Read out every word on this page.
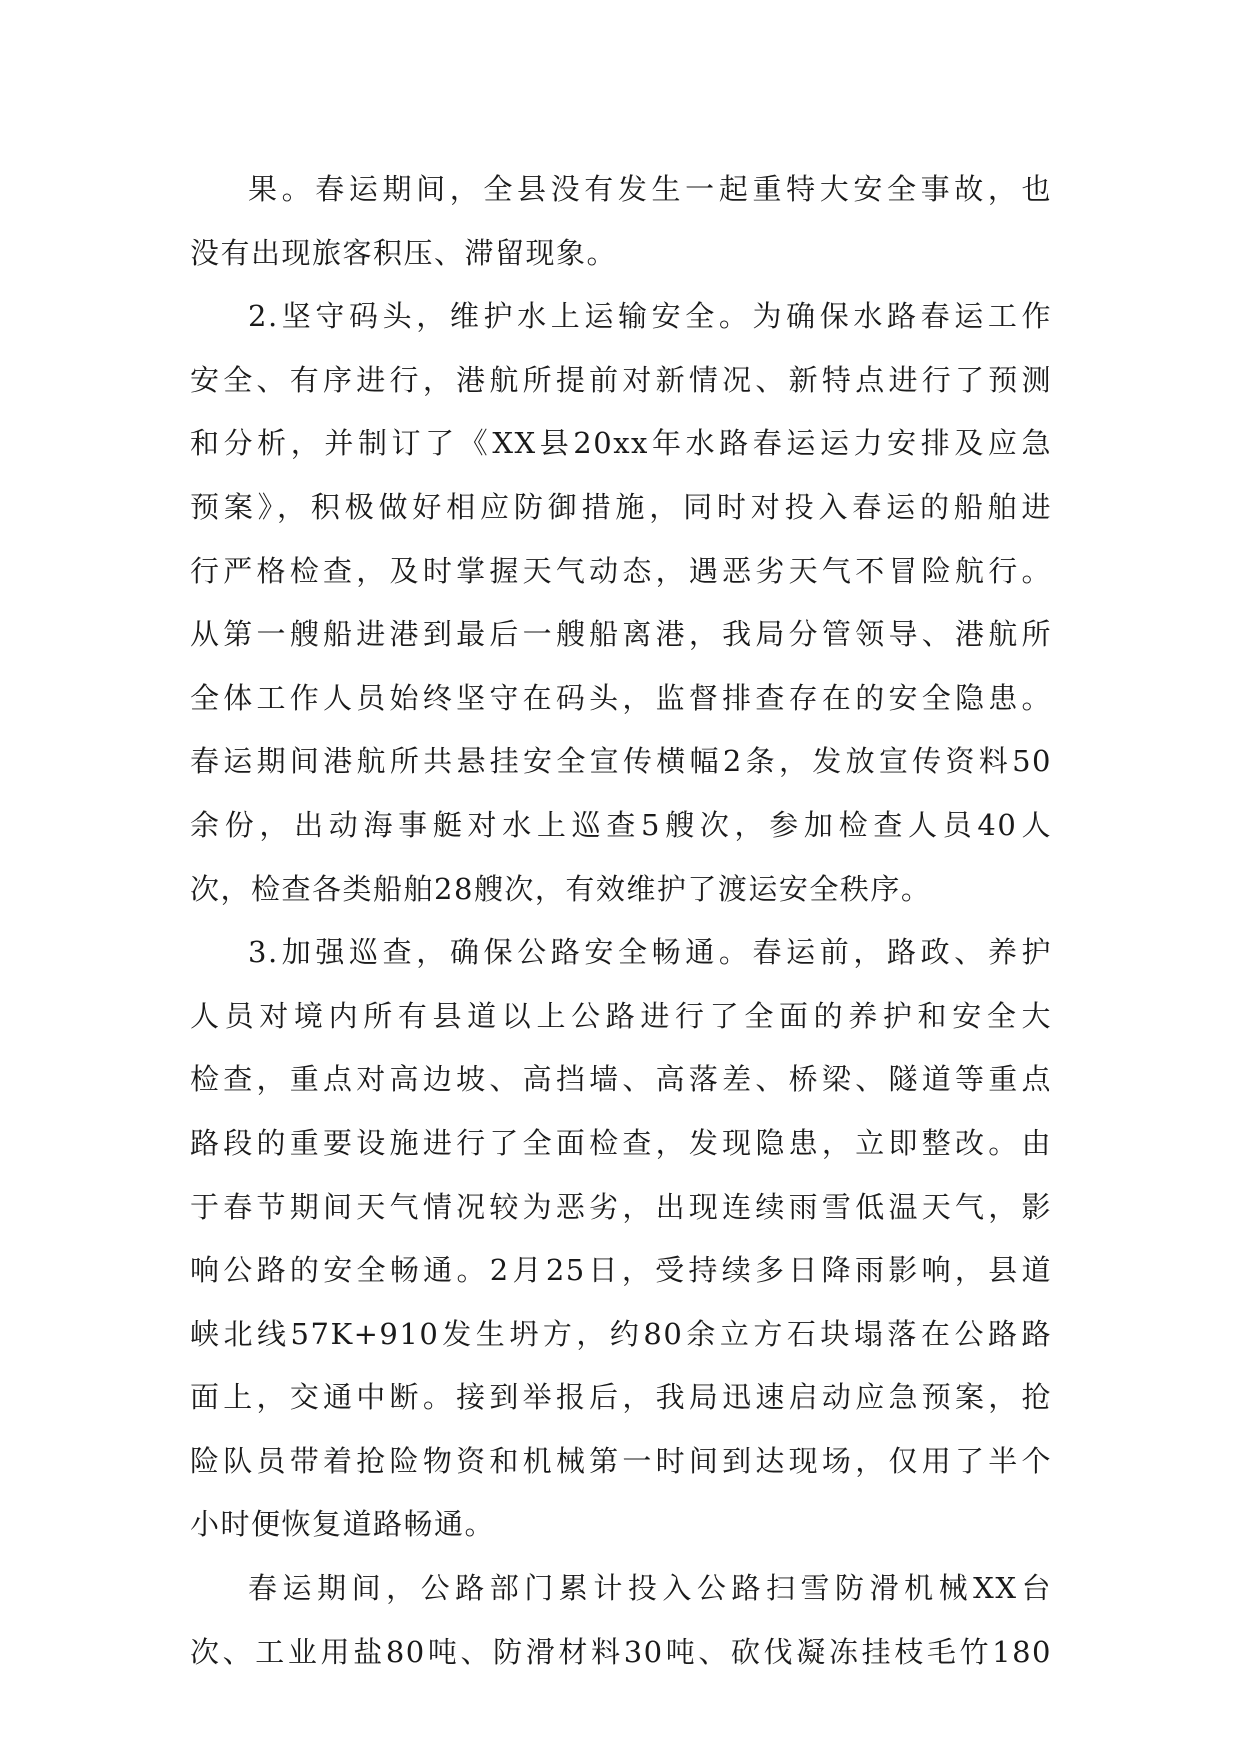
果。春运期间，全县没有发生一起重特大安全事故，也
没有出现旅客积压、滞留现象。
2.坚守码头，维护水上运输安全。为确保水路春运工作
安全、有序进行，港航所提前对新情况、新特点进行了预测
和分析，并制订了《XX县20xx年水路春运运力安排及应急
预案》，积极做好相应防御措施，同时对投入春运的船舶进
行严格检查，及时掌握天气动态，遇恶劣天气不冒险航行。
从第一艘船进港到最后一艘船离港，我局分管领导、港航所
全体工作人员始终坚守在码头，监督排查存在的安全隐患。
春运期间港航所共悬挂安全宣传横幅2条，发放宣传资料50
余份，出动海事艇对水上巡查5艘次，参加检查人员40人
次，检查各类船舶28艘次，有效维护了渡运安全秩序。
3.加强巡查，确保公路安全畅通。春运前，路政、养护
人员对境内所有县道以上公路进行了全面的养护和安全大
检查，重点对高边坡、高挡墙、高落差、桥梁、隧道等重点
路段的重要设施进行了全面检查，发现隐患，立即整改。由
于春节期间天气情况较为恶劣，出现连续雨雪低温天气，影
响公路的安全畅通。2月25日，受持续多日降雨影响，县道
峡北线57K+910发生坍方，约80余立方石块塌落在公路路
面上，交通中断。接到举报后，我局迅速启动应急预案，抢
险队员带着抢险物资和机械第一时间到达现场，仅用了半个
小时便恢复道路畅通。
春运期间，公路部门累计投入公路扫雪防滑机械XX台
次、工业用盐80吨、防滑材料30吨、砍伐凝冻挂枝毛竹180
